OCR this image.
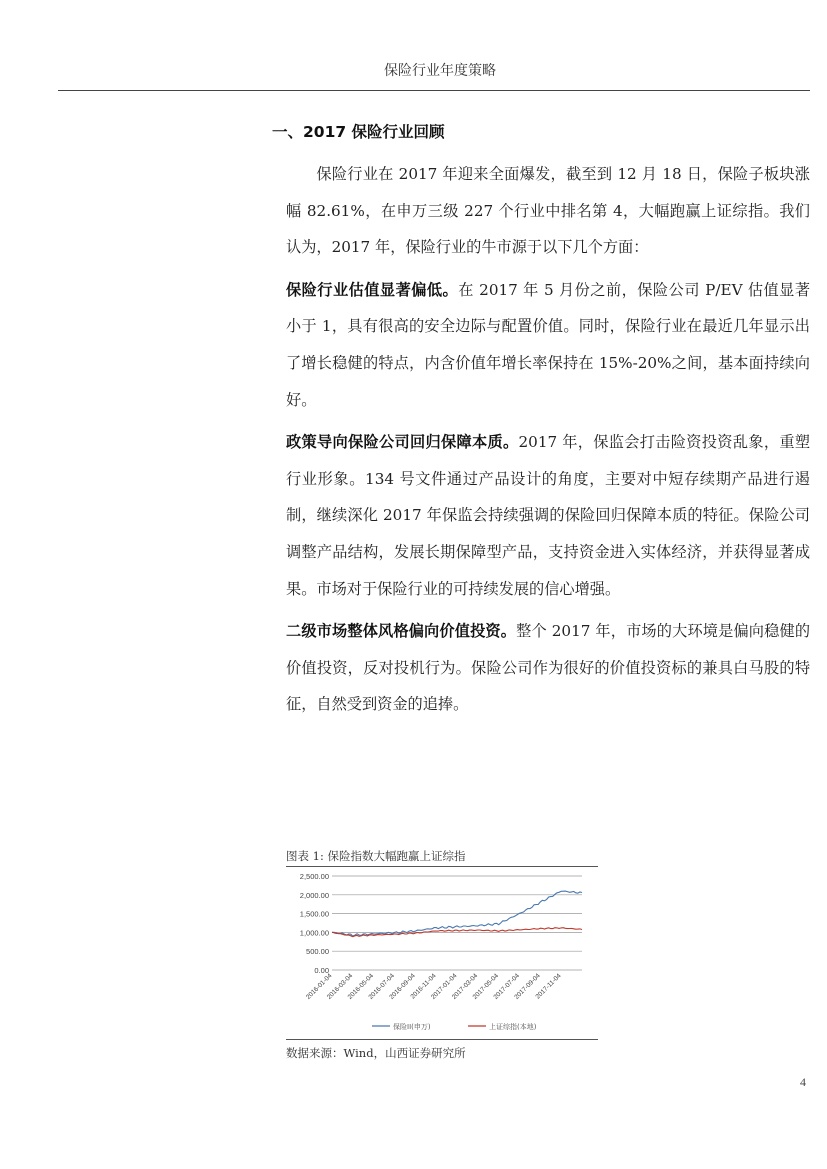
保险行业年度策略
一、2017 保险行业回顾

保险行业在 2017 年迎来全面爆发，截至到 12 月 18 日，保险子板块涨幅 82.61%，在申万三级 227 个行业中排名第 4，大幅跑赢上证综指。我们认为，2017 年，保险行业的牛市源于以下几个方面：

保险行业估值显著偏低。在 2017 年 5 月份之前，保险公司 P/EV 估值显著小于 1，具有很高的安全边际与配置价值。同时，保险行业在最近几年显示出了增长稳健的特点，内含价值年增长率保持在 15%-20%之间，基本面持续向好。

政策导向保险公司回归保障本质。2017 年，保监会打击险资投资乱象，重塑行业形象。134 号文件通过产品设计的角度，主要对中短存续期产品进行遏制，继续深化 2017 年保监会持续强调的保险回归保障本质的特征。保险公司调整产品结构，发展长期保障型产品，支持资金进入实体经济，并获得显著成果。市场对于保险行业的可持续发展的信心增强。

二级市场整体风格偏向价值投资。整个 2017 年，市场的大环境是偏向稳健的价值投资，反对投机行为。保险公司作为很好的价值投资标的兼具白马股的特征，自然受到资金的追捧。

图表 1: 保险指数大幅跑赢上证综指
0.00
500.00
1,000.00
1,500.00
2,000.00
2,500.00
2016-01-04
2016-03-04
2016-05-04
2016-07-04
2016-09-04
2016-11-04
2017-01-04
2017-03-04
2017-05-04
2017-07-04
2017-09-04
2017-11-04
保险II(申万)	上证综指(本地)
数据来源：Wind，山西证券研究所
4
